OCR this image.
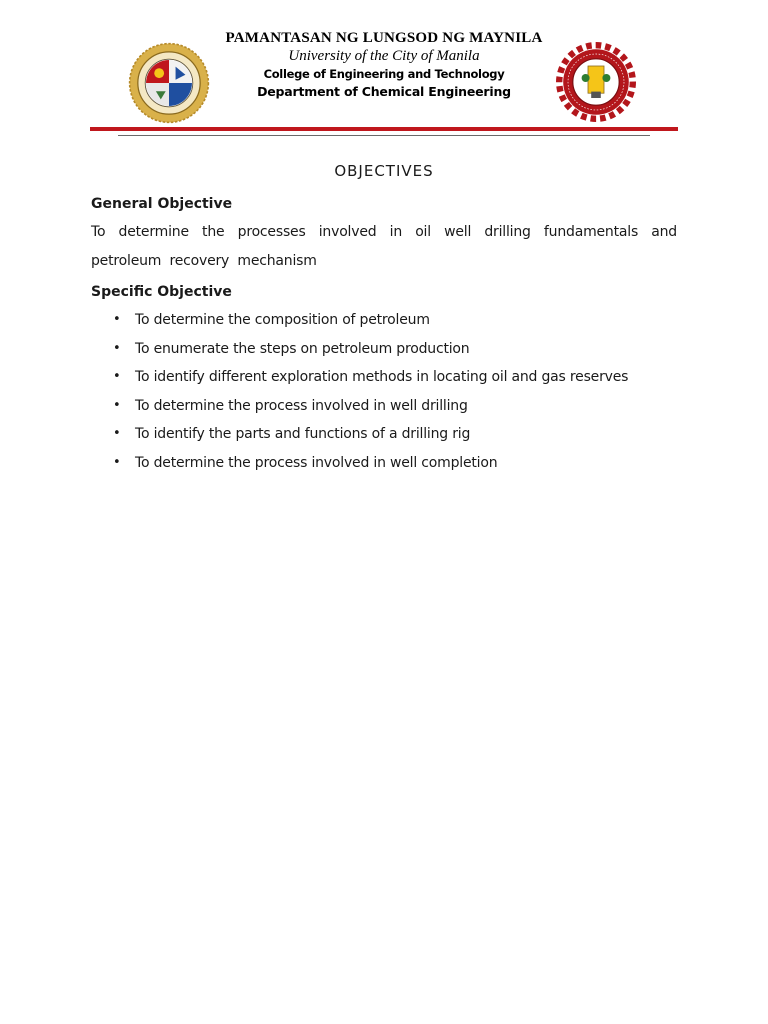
PAMANTASAN NG LUNGSOD NG MAYNILA
University of the City of Manila
College of Engineering and Technology
Department of Chemical Engineering
OBJECTIVES
General Objective

To determine the processes involved in oil well drilling fundamentals and petroleum recovery mechanism

Specific Objective
• To determine the composition of petroleum
• To enumerate the steps on petroleum production
• To identify different exploration methods in locating oil and gas reserves
• To determine the process involved in well drilling
• To identify the parts and functions of a drilling rig
• To determine the process involved in well completion
